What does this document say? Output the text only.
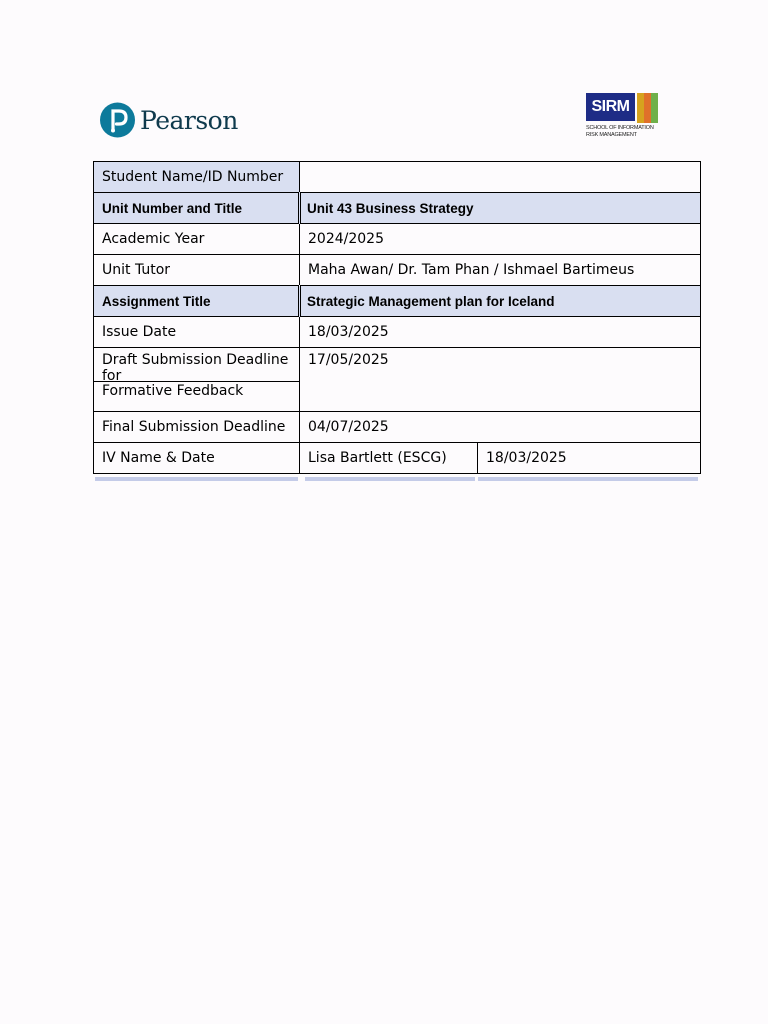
Pearson	SIRM
SCHOOL OF INFORMATION
RISK MANAGEMENT
Student Name/ID Number		
Unit Number and Title	Unit 43 Business Strategy	
Academic Year	2024/2025	
Unit Tutor	Maha Awan/ Dr. Tam Phan / Ishmael Bartimeus	
Assignment Title	Strategic Management plan for Iceland	
Issue Date	18/03/2025	

Draft Submission Deadline for
Formative Feedback	17/05/2025	
Final Submission Deadline	04/07/2025	
IV Name & Date	Lisa Bartlett (ESCG)	18/03/2025
